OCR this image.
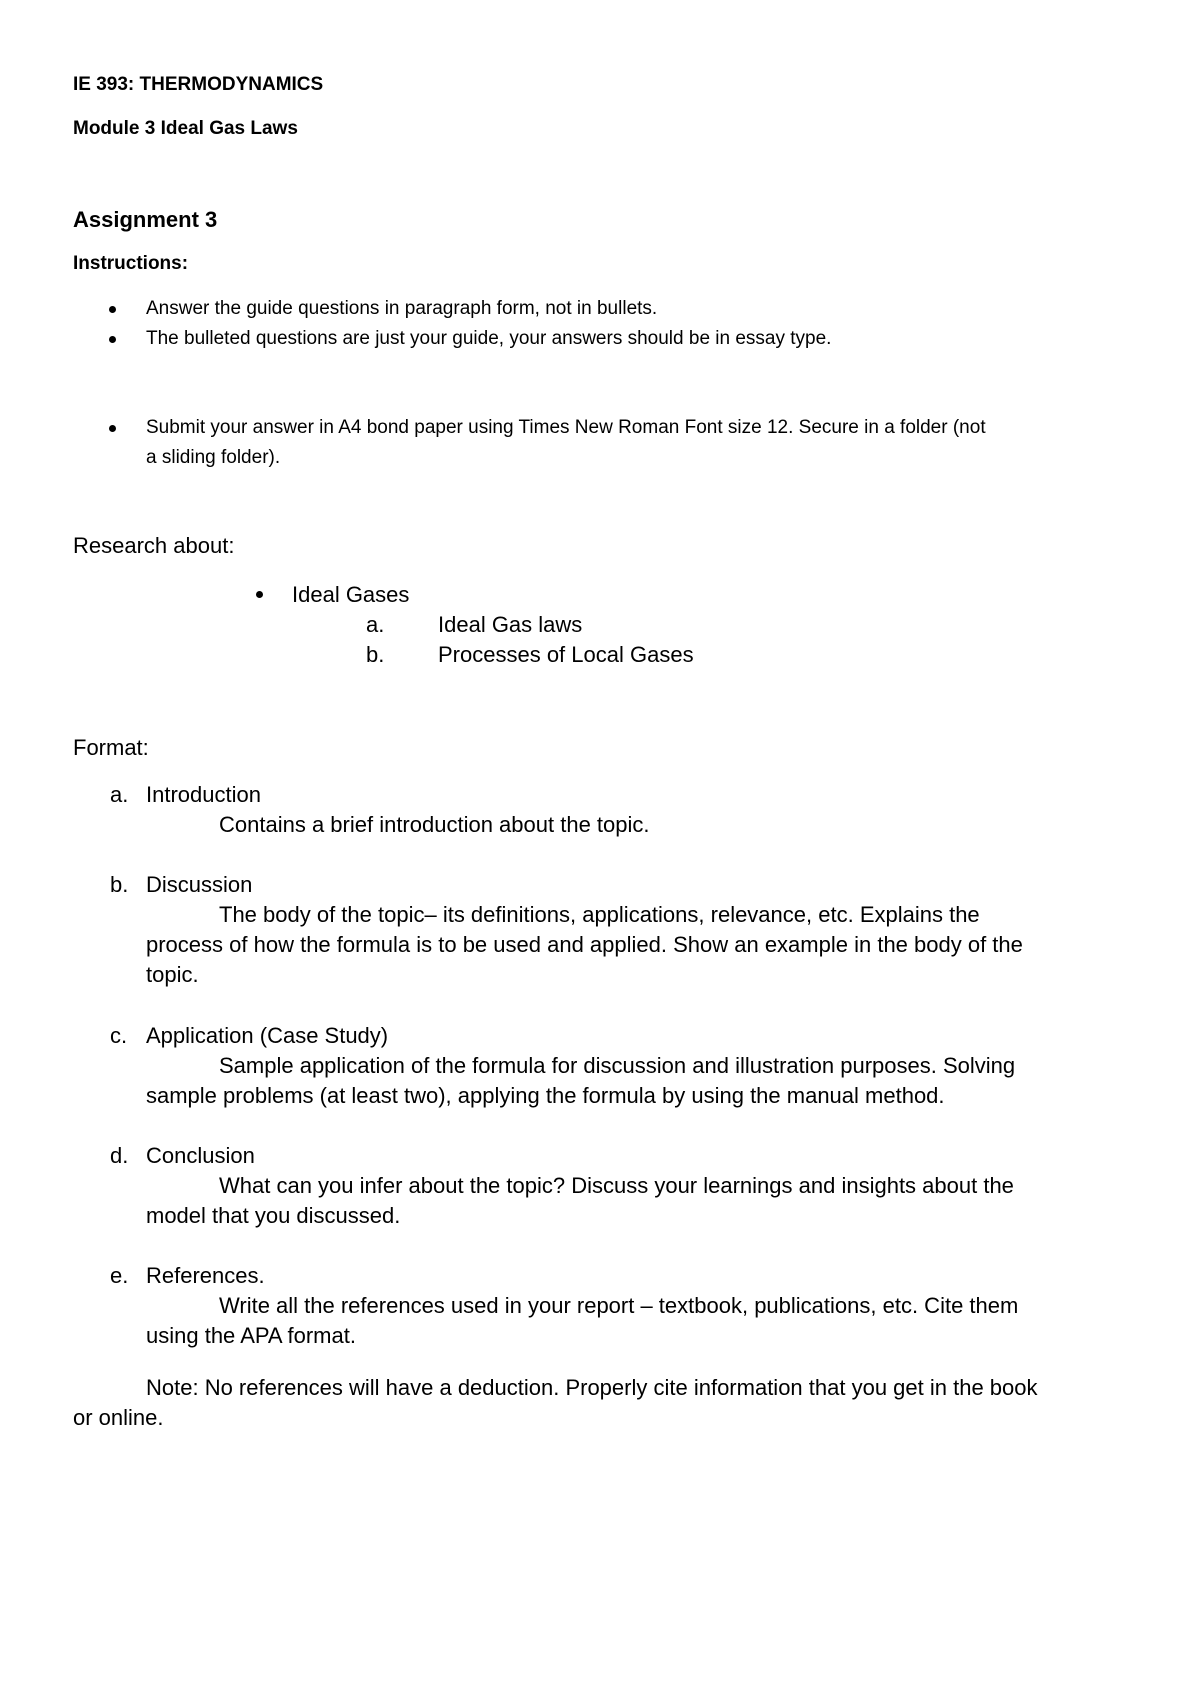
IE 393: THERMODYNAMICS
Module 3 Ideal Gas Laws
Assignment 3
Instructions:
Answer the guide questions in paragraph form, not in bullets.
The bulleted questions are just your guide, your answers should be in essay type.
Submit your answer in A4 bond paper using Times New Roman Font size 12. Secure in a folder (not
a sliding folder).
Research about:
Ideal Gases
a. Ideal Gas laws
b. Processes of Local Gases
Format:
a. Introduction
Contains a brief introduction about the topic.
b. Discussion
The body of the topic– its definitions, applications, relevance, etc. Explains the
process of how the formula is to be used and applied. Show an example in the body of the
topic.
c. Application (Case Study)
Sample application of the formula for discussion and illustration purposes. Solving
sample problems (at least two), applying the formula by using the manual method.
d. Conclusion
What can you infer about the topic? Discuss your learnings and insights about the
model that you discussed.
e. References.
Write all the references used in your report – textbook, publications, etc. Cite them
using the APA format.
Note: No references will have a deduction. Properly cite information that you get in the book
or online.
